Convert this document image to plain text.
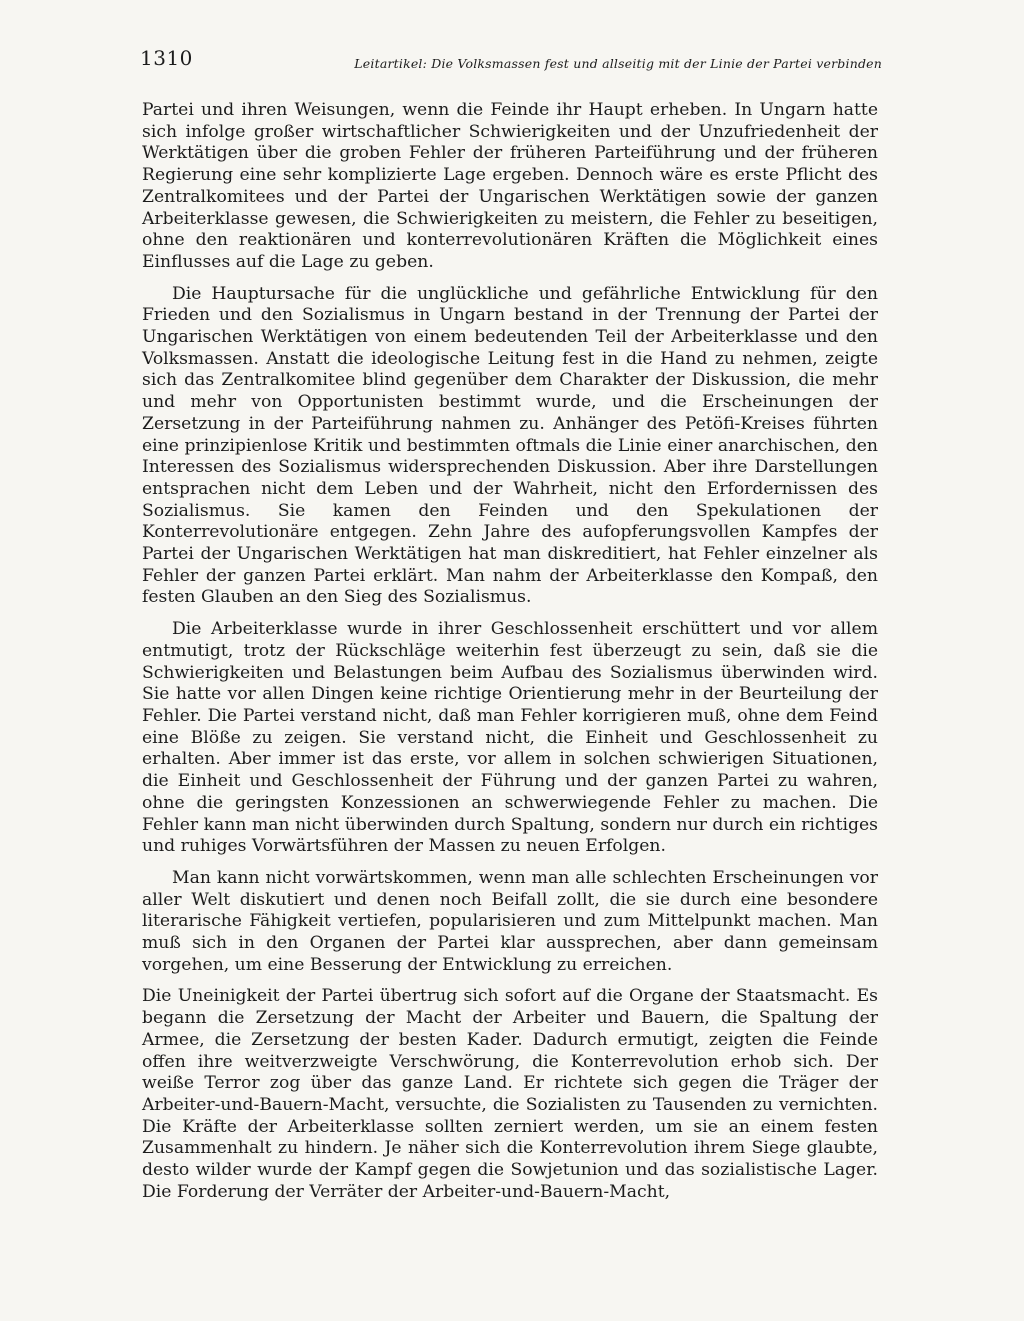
1310	Leitartikel: Die Volksmassen fest und allseitig mit der Linie der Partei verbinden

Partei und ihren Weisungen, wenn die Feinde ihr Haupt erheben. In Ungarn hatte sich infolge großer wirtschaftlicher Schwierigkeiten und der Unzufriedenheit der Werktätigen über die groben Fehler der früheren Parteiführung und der früheren Regierung eine sehr komplizierte Lage ergeben. Dennoch wäre es erste Pflicht des Zentralkomitees und der Partei der Ungarischen Werktätigen sowie der ganzen Arbeiterklasse gewesen, die Schwierigkeiten zu meistern, die Fehler zu beseitigen, ohne den reaktionären und konterrevolutionären Kräften die Möglichkeit eines Einflusses auf die Lage zu geben.

Die Hauptursache für die unglückliche und gefährliche Entwicklung für den Frieden und den Sozialismus in Ungarn bestand in der Trennung der Partei der Ungarischen Werktätigen von einem bedeutenden Teil der Arbeiterklasse und den Volksmassen. Anstatt die ideologische Leitung fest in die Hand zu nehmen, zeigte sich das Zentralkomitee blind gegenüber dem Charakter der Diskussion, die mehr und mehr von Opportunisten bestimmt wurde, und die Erscheinungen der Zersetzung in der Parteiführung nahmen zu. Anhänger des Petöfi-Kreises führten eine prinzipienlose Kritik und bestimmten oftmals die Linie einer anarchischen, den Interessen des Sozialismus widersprechenden Diskussion. Aber ihre Darstellungen entsprachen nicht dem Leben und der Wahrheit, nicht den Erfordernissen des Sozialismus. Sie kamen den Feinden und den Spekulationen der Konterrevolutionäre entgegen. Zehn Jahre des aufopferungsvollen Kampfes der Partei der Ungarischen Werktätigen hat man diskreditiert, hat Fehler einzelner als Fehler der ganzen Partei erklärt. Man nahm der Arbeiterklasse den Kompaß, den festen Glauben an den Sieg des Sozialismus.

Die Arbeiterklasse wurde in ihrer Geschlossenheit erschüttert und vor allem entmutigt, trotz der Rückschläge weiterhin fest überzeugt zu sein, daß sie die Schwierigkeiten und Belastungen beim Aufbau des Sozialismus überwinden wird. Sie hatte vor allen Dingen keine richtige Orientierung mehr in der Beurteilung der Fehler. Die Partei verstand nicht, daß man Fehler korrigieren muß, ohne dem Feind eine Blöße zu zeigen. Sie verstand nicht, die Einheit und Geschlossenheit zu erhalten. Aber immer ist das erste, vor allem in solchen schwierigen Situationen, die Einheit und Geschlossenheit der Führung und der ganzen Partei zu wahren, ohne die geringsten Konzessionen an schwerwiegende Fehler zu machen. Die Fehler kann man nicht überwinden durch Spaltung, sondern nur durch ein richtiges und ruhiges Vorwärtsführen der Massen zu neuen Erfolgen.

Man kann nicht vorwärtskommen, wenn man alle schlechten Erscheinungen vor aller Welt diskutiert und denen noch Beifall zollt, die sie durch eine besondere literarische Fähigkeit vertiefen, popularisieren und zum Mittelpunkt machen. Man muß sich in den Organen der Partei klar aussprechen, aber dann gemeinsam vorgehen, um eine Besserung der Entwicklung zu erreichen.

Die Uneinigkeit der Partei übertrug sich sofort auf die Organe der Staatsmacht. Es begann die Zersetzung der Macht der Arbeiter und Bauern, die Spaltung der Armee, die Zersetzung der besten Kader. Dadurch ermutigt, zeigten die Feinde offen ihre weitverzweigte Verschwörung, die Konterrevolution erhob sich. Der weiße Terror zog über das ganze Land. Er richtete sich gegen die Träger der Arbeiter-und-Bauern-Macht, versuchte, die Sozialisten zu Tausenden zu vernichten. Die Kräfte der Arbeiterklasse sollten zerniert werden, um sie an einem festen Zusammenhalt zu hindern. Je näher sich die Konterrevolution ihrem Siege glaubte, desto wilder wurde der Kampf gegen die Sowjetunion und das sozialistische Lager. Die Forderung der Verräter der Arbeiter-und-Bauern-Macht,
